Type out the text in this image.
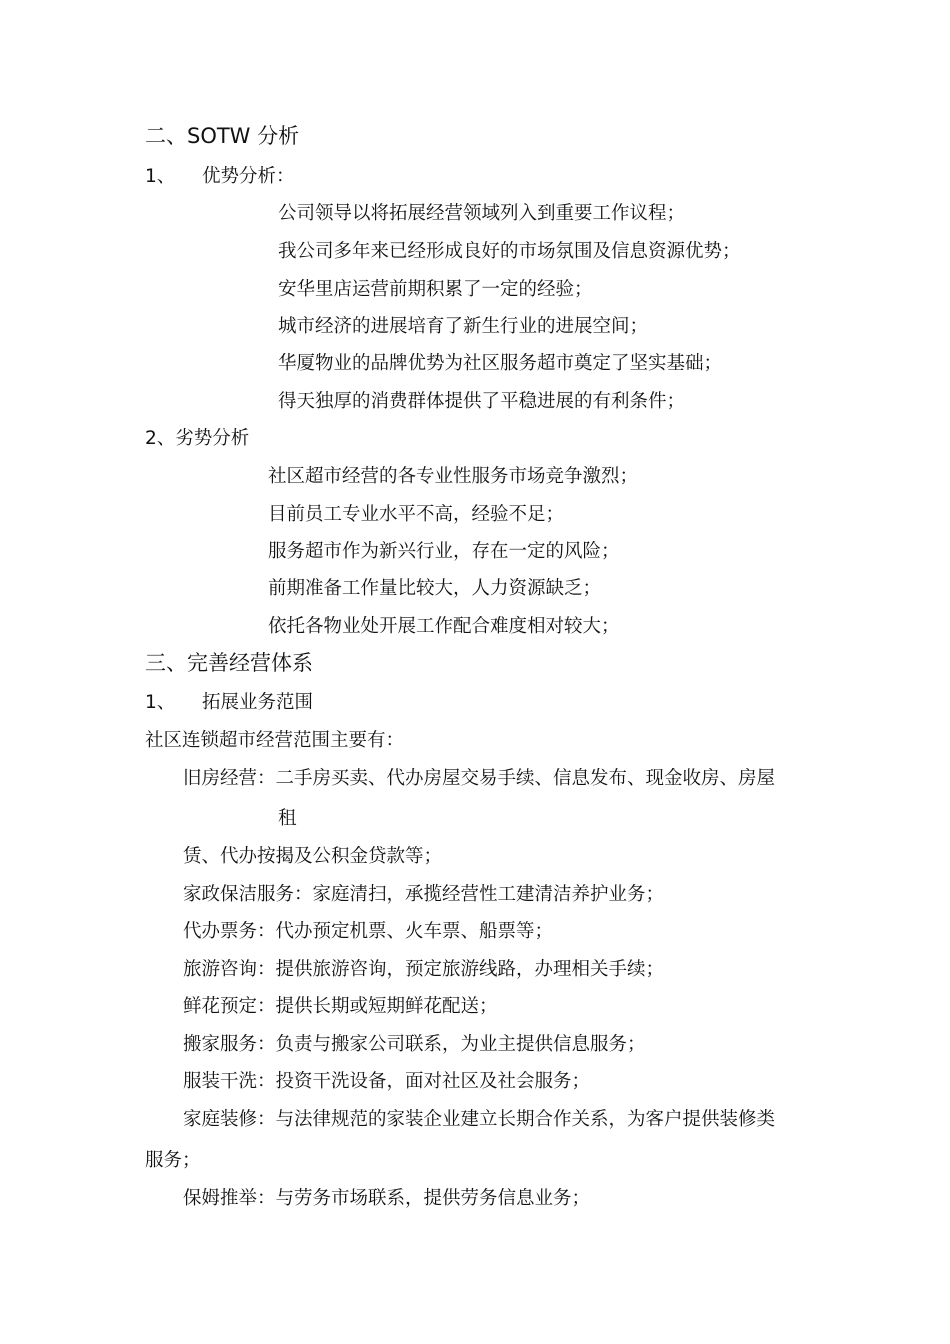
二、SOTW 分析
1、 优势分析：
公司领导以将拓展经营领域列入到重要工作议程；
我公司多年来已经形成良好的市场氛围及信息资源优势；
安华里店运营前期积累了一定的经验；
城市经济的进展培育了新生行业的进展空间；
华厦物业的品牌优势为社区服务超市奠定了坚实基础；
得天独厚的消费群体提供了平稳进展的有利条件；
2、劣势分析
社区超市经营的各专业性服务市场竞争激烈；
目前员工专业水平不高，经验不足；
服务超市作为新兴行业，存在一定的风险；
前期准备工作量比较大，人力资源缺乏；
依托各物业处开展工作配合难度相对较大；
三、完善经营体系
1、 拓展业务范围
社区连锁超市经营范围主要有：
旧房经营：二手房买卖、代办房屋交易手续、信息发布、现金收房、房屋
租
赁、代办按揭及公积金贷款等；
家政保洁服务：家庭清扫，承揽经营性工建清洁养护业务；
代办票务：代办预定机票、火车票、船票等；
旅游咨询：提供旅游咨询，预定旅游线路，办理相关手续；
鲜花预定：提供长期或短期鲜花配送；
搬家服务：负责与搬家公司联系，为业主提供信息服务；
服装干洗：投资干洗设备，面对社区及社会服务；
家庭装修：与法律规范的家装企业建立长期合作关系，为客户提供装修类
服务；
保姆推举：与劳务市场联系，提供劳务信息业务；
